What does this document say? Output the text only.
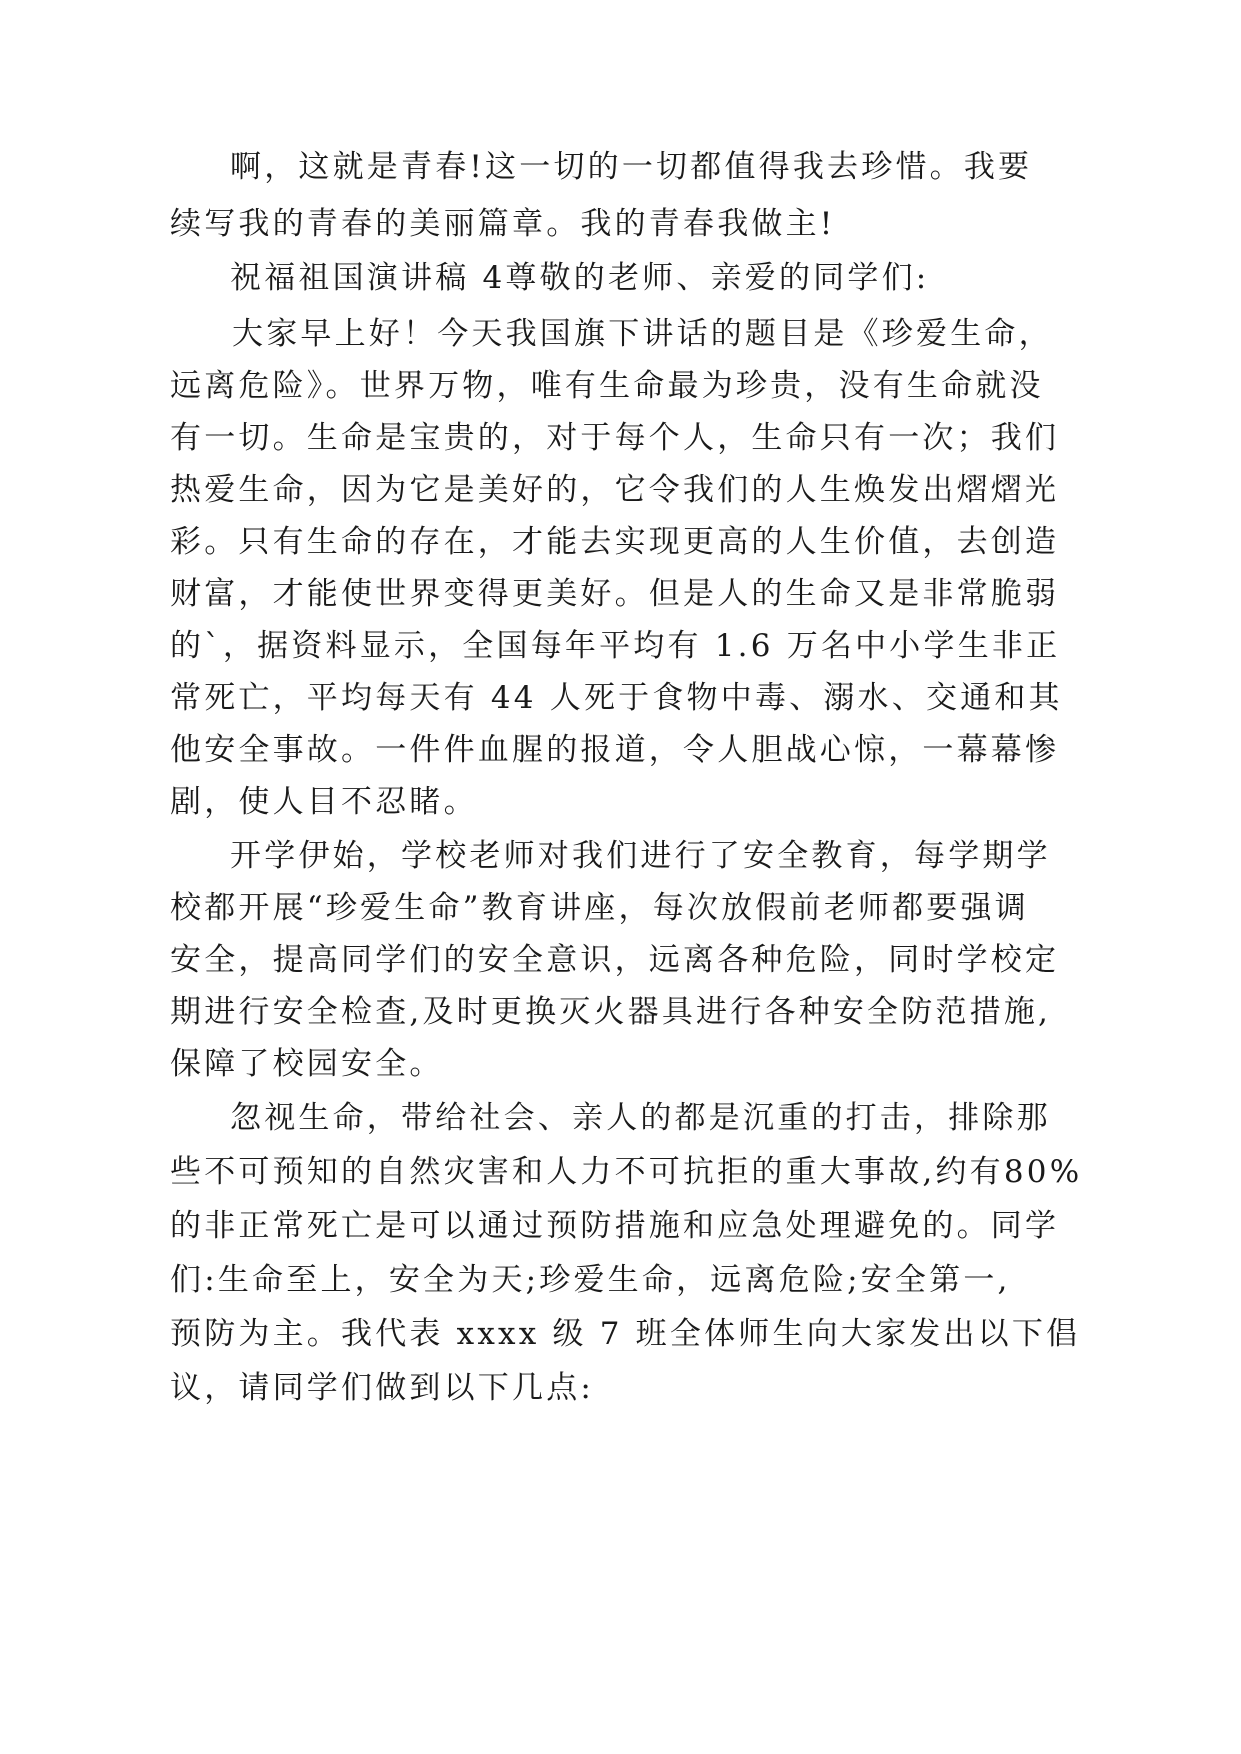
啊，这就是青春!这一切的一切都值得我去珍惜。我要

续写我的青春的美丽篇章。我的青春我做主!

祝福祖国演讲稿 4尊敬的老师、亲爱的同学们:

大家早上好！今天我国旗下讲话的题目是《珍爱生命，

远离危险》。世界万物，唯有生命最为珍贵，没有生命就没

有一切。生命是宝贵的，对于每个人，生命只有一次；我们

热爱生命，因为它是美好的，它令我们的人生焕发出熠熠光

彩。只有生命的存在，才能去实现更高的人生价值，去创造

财富，才能使世界变得更美好。但是人的生命又是非常脆弱

的`，据资料显示，全国每年平均有 1.6 万名中小学生非正

常死亡，平均每天有 44 人死于食物中毒、溺水、交通和其

他安全事故。一件件血腥的报道，令人胆战心惊，一幕幕惨

剧，使人目不忍睹。

开学伊始，学校老师对我们进行了安全教育，每学期学

校都开展“珍爱生命”教育讲座，每次放假前老师都要强调

安全，提高同学们的安全意识，远离各种危险，同时学校定

期进行安全检查,及时更换灭火器具进行各种安全防范措施,

保障了校园安全。

忽视生命，带给社会、亲人的都是沉重的打击，排除那

些不可预知的自然灾害和人力不可抗拒的重大事故,约有80%

的非正常死亡是可以通过预防措施和应急处理避免的。同学

们:生命至上，安全为天;珍爱生命，远离危险;安全第一,

预防为主。我代表 xxxx 级 7 班全体师生向大家发出以下倡

议，请同学们做到以下几点:
